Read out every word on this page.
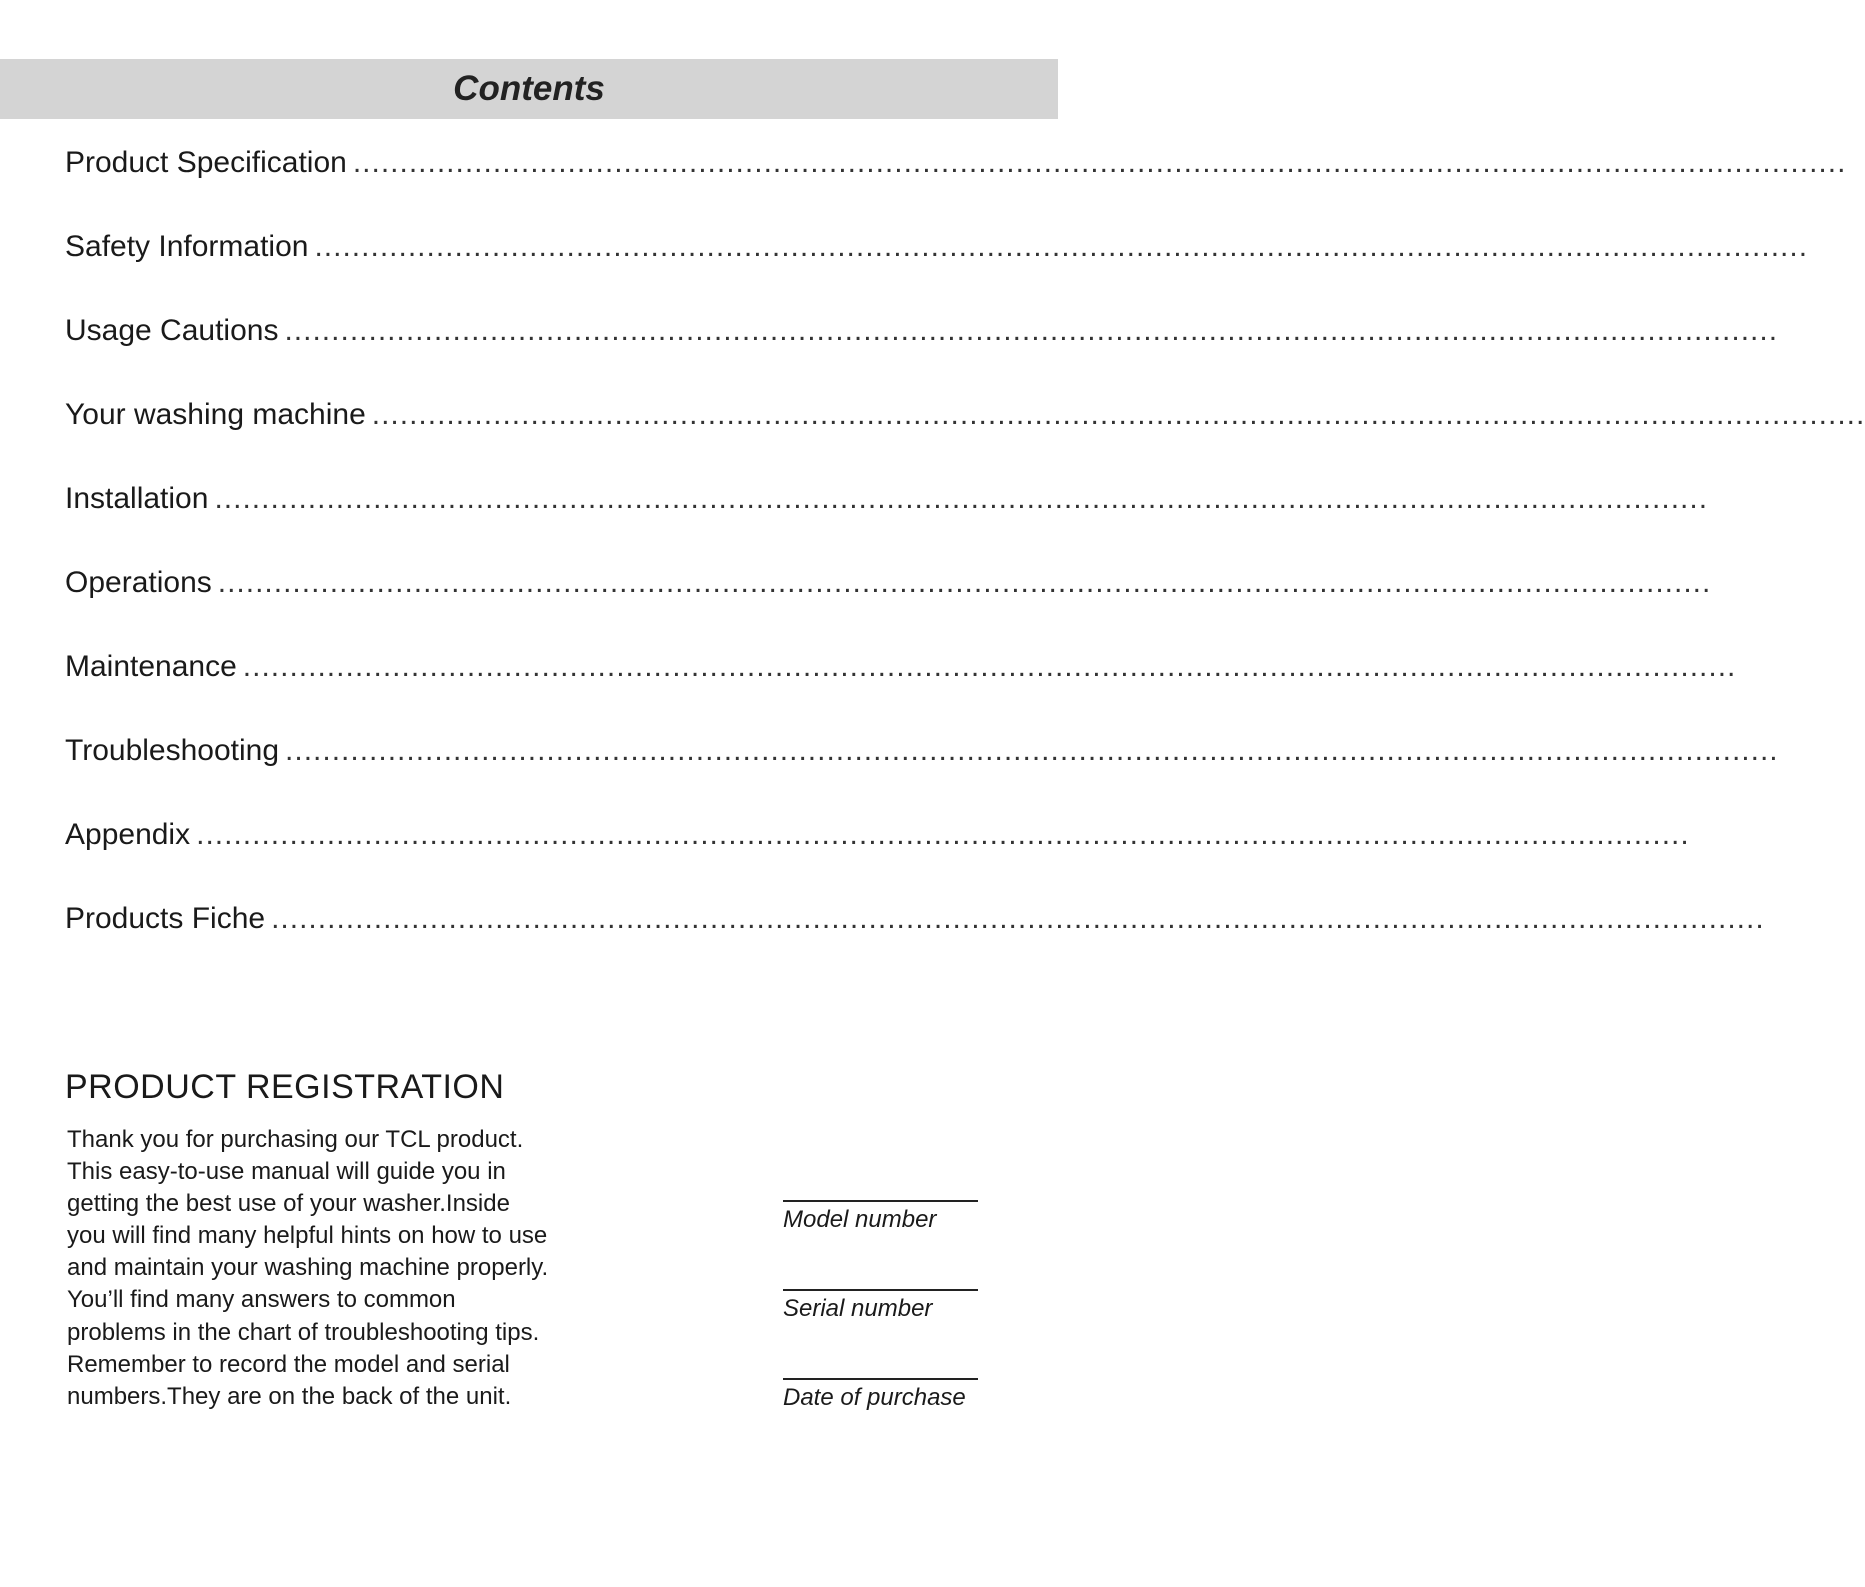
Contents
Product Specification ................................................................................................................................................................
Safety Information ................................................................................................................................................................
Usage Cautions ................................................................................................................................................................
Your washing machine ................................................................................................................................................................
Installation ................................................................................................................................................................
Operations ................................................................................................................................................................
Maintenance ................................................................................................................................................................
Troubleshooting ................................................................................................................................................................
Appendix ................................................................................................................................................................
Products Fiche ................................................................................................................................................................
PRODUCT REGISTRATION
Thank you for purchasing our TCL product.
This easy-to-use manual will guide you in
getting the best use of your washer.Inside
you will find many helpful hints on how to use
and maintain your washing machine properly.
You’ll find many answers to common
problems in the chart of troubleshooting tips.
Remember to record the model and serial
numbers.They are on the back of the unit.
Model number
Serial number
Date of purchase
